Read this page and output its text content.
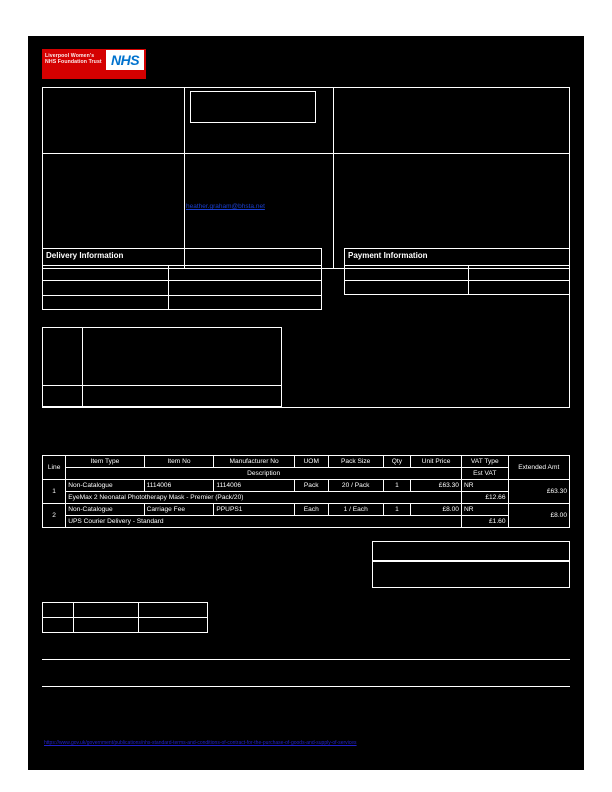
Liverpool Women's NHS Foundation Trust NHS
heather.graham@bhsta.net
Delivery Information	Payment Information
Line	Item Type	Item No	Manufacturer No	UOM	Pack Size	Qty	Unit Price	VAT Type	Extended Amt
	Description							Est VAT	
1	Non-Catalogue	1114006	1114006	Pack	20 / Pack	1	£63.30	NR	£63.30
	EyeMax 2 Neonatal Phototherapy Mask - Premier (Pack/20)							£12.66	
2	Non-Catalogue	Carriage Fee	PPUPS1	Each	1 / Each	1	£8.00	NR	£8.00
	UPS Courier Delivery - Standard							£1.60	

https://www.gov.uk/government/publications/nhs-standard-terms-and-conditions-of-contract-for-the-purchase-of-goods-and-supply-of-services
